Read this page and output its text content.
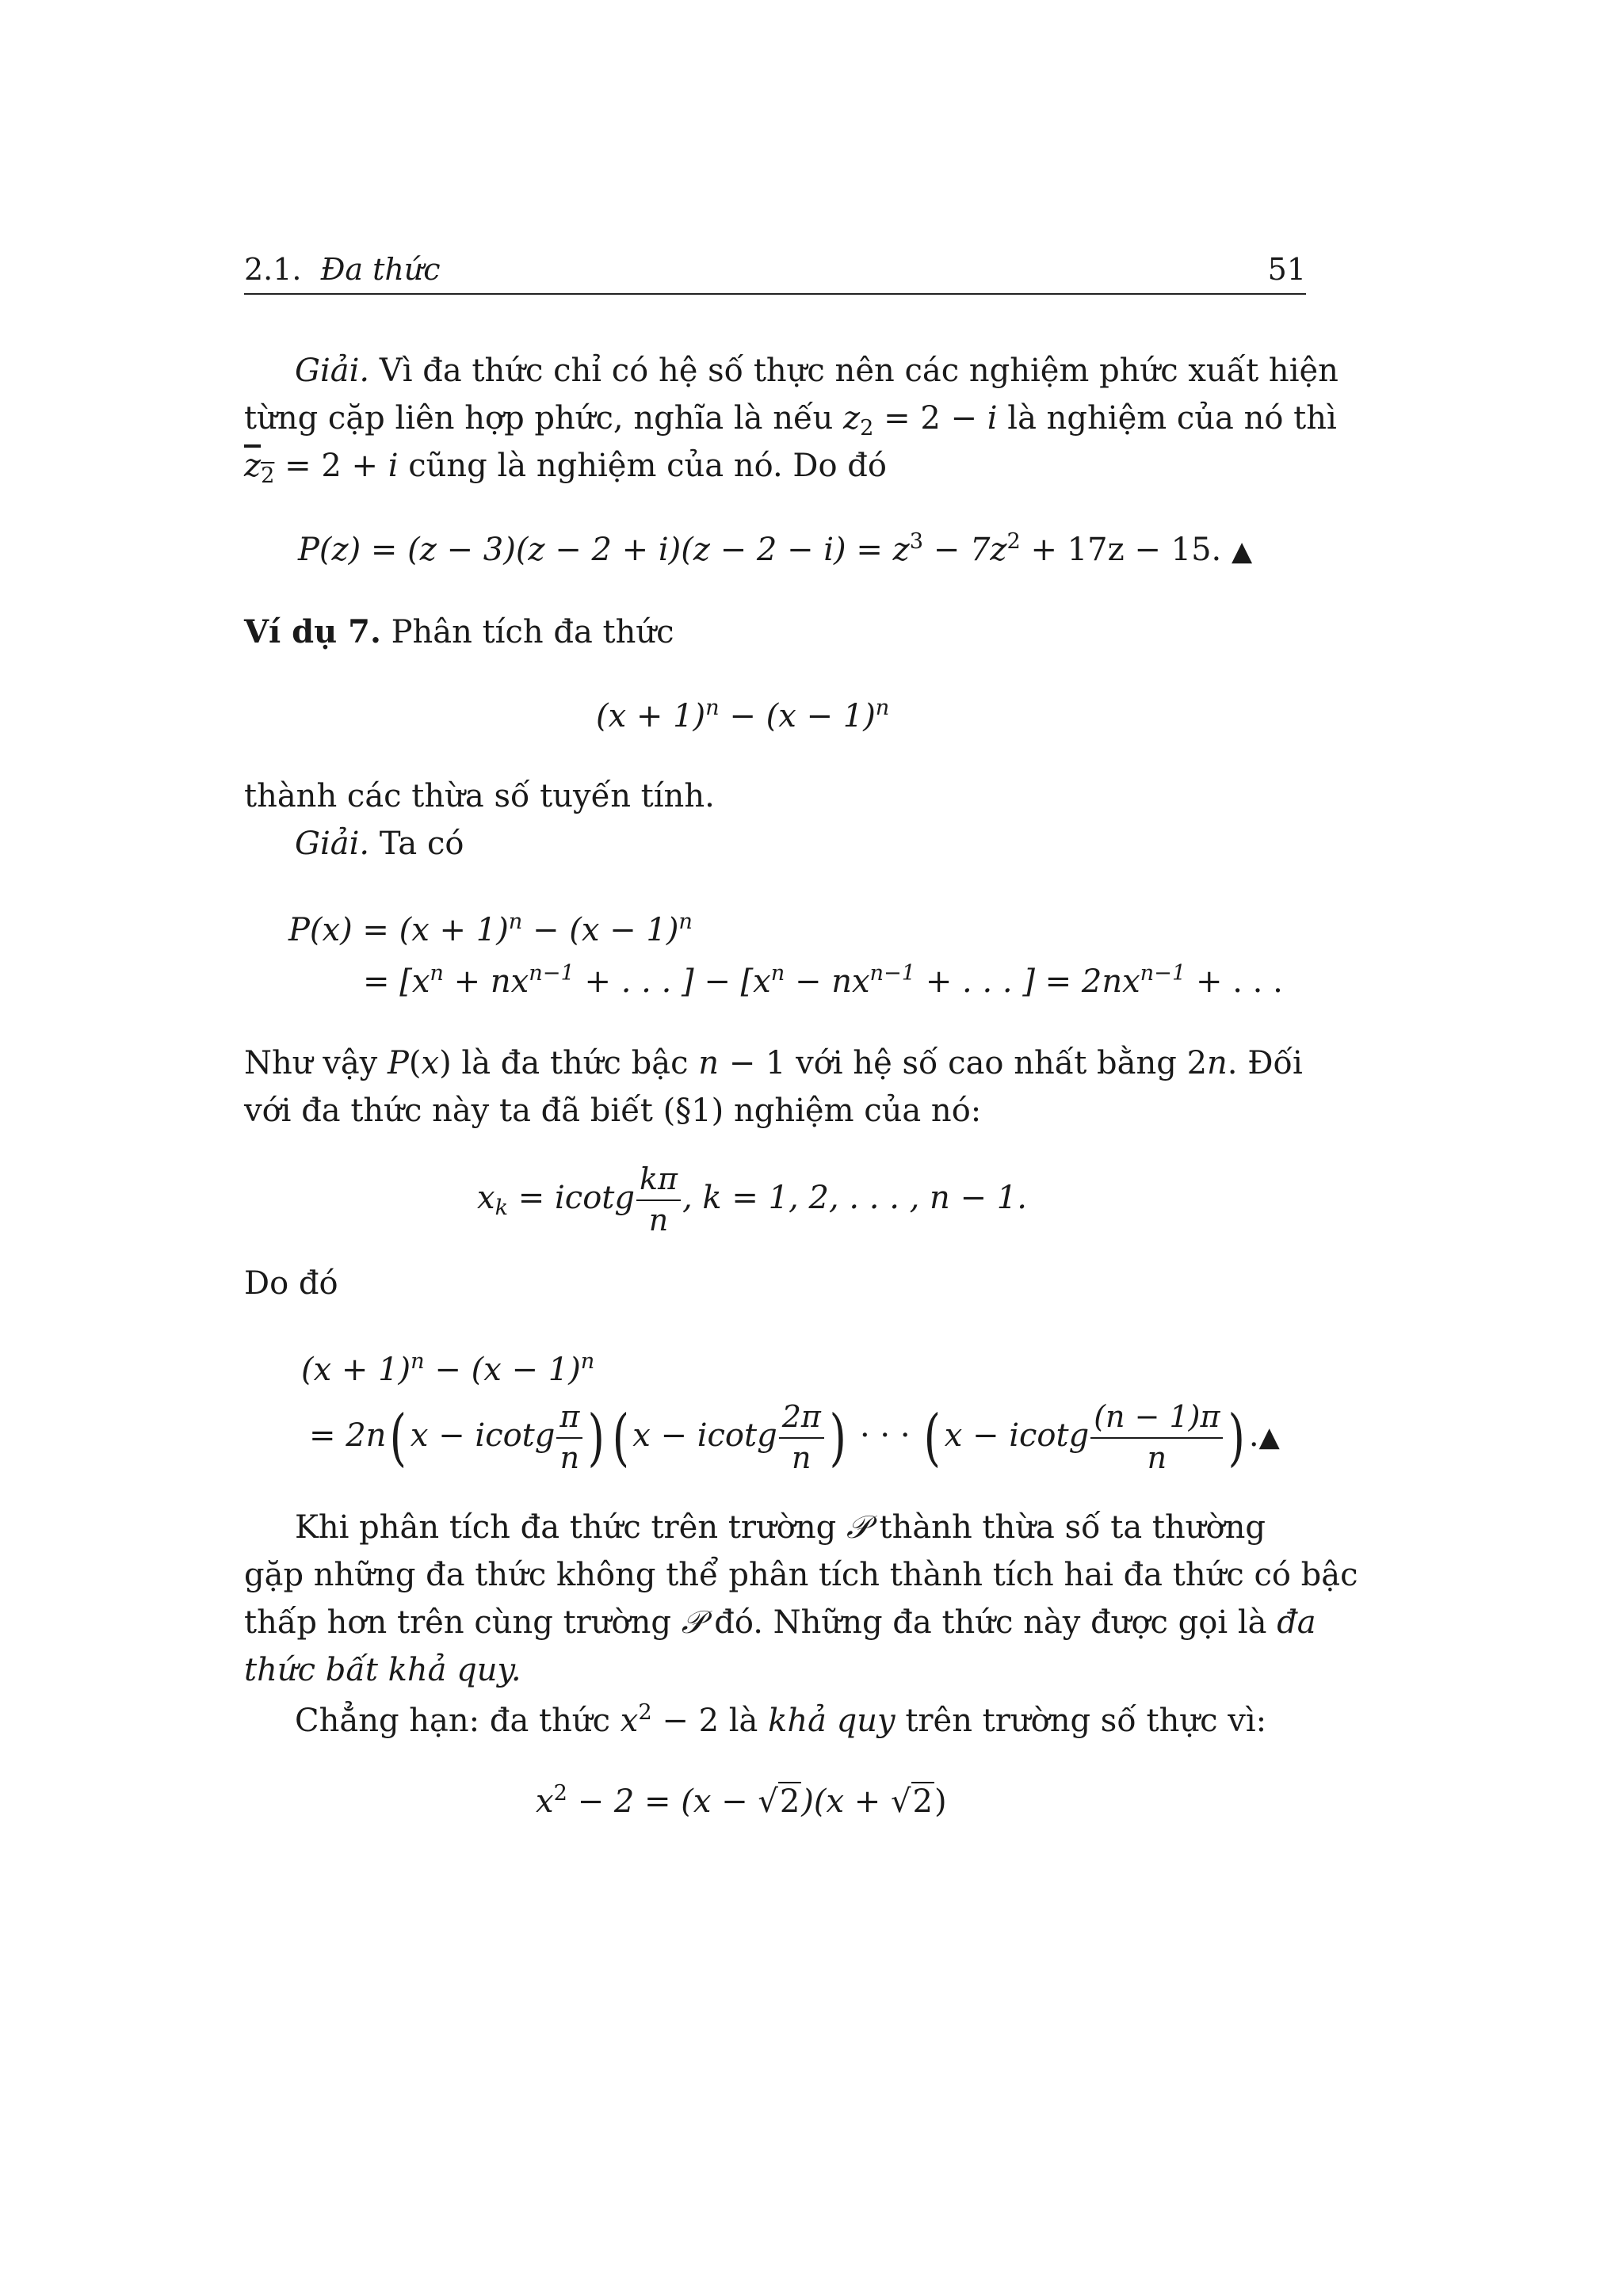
2.1. Đa thức	51
Giải. Vì đa thức chỉ có hệ số thực nên các nghiệm phức xuất hiện
từng cặp liên hợp phức, nghĩa là nếu $z_2 = 2 - i$ là nghiệm của nó thì
$\overline{z}_2 = 2 + i$ cũng là nghiệm của nó. Do đó
$P(z) = (z - 3)(z - 2 + i)(z - 2 - i) = z^3 - 7z^2 + 17z - 15$. ▲
Ví dụ 7. Phân tích đa thức
$(x + 1)^n - (x - 1)^n$
thành các thừa số tuyến tính.
Giải. Ta có
$P(x) = (x + 1)^n - (x - 1)^n$
= [$x^n + nx^{n-1}$ + . . . ] − [$x^n - nx^{n-1}$ + . . . ] = $2nx^{n-1}$ + . . .
Như vậy P(x) là đa thức bậc n − 1 với hệ số cao nhất bằng 2n. Đối
với đa thức này ta đã biết (§1) nghiệm của nó:
$x_k = icotg \frac{k\pi}{n}$ , k = 1, 2, . . . , n − 1.
Do đó
$(x + 1)^n - (x - 1)^n$
= 2n( x − icotg $\frac{\pi}{n}$ ) ( x − icotg $\frac{2\pi}{n}$ ) · · · ( x − icotg $\frac{(n - 1)\pi}{n}$ ) .▲
Khi phân tích đa thức trên trường 𝒫 thành thừa số ta thường
gặp những đa thức không thể phân tích thành tích hai đa thức có bậc
thấp hơn trên cùng trường 𝒫 đó. Những đa thức này được gọi là đa
thức bất khả quy.
Chẳng hạn: đa thức $x^2 - 2$ là khả quy trên trường số thực vì:
$x^2 - 2 = (x - √2)(x + √2)$
